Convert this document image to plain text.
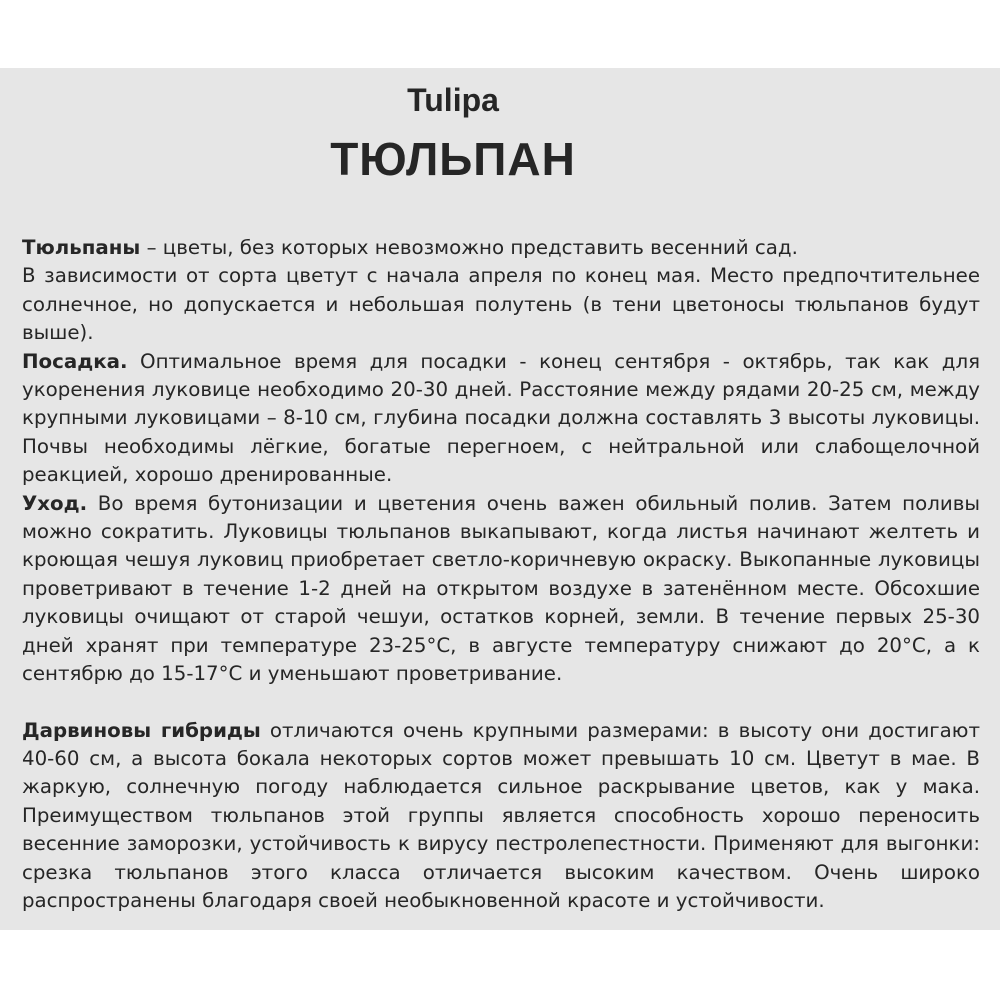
Tulipa
ТЮЛЬПАН

Тюльпаны – цветы, без которых невозможно представить весенний сад.

В зависимости от сорта цветут с начала апреля по конец мая. Место предпочтительнее солнечное, но допускается и небольшая полутень (в тени цветоносы тюльпанов будут выше).

Посадка. Оптимальное время для посадки - конец сентября - октябрь, так как для укоренения луковице необходимо 20-30 дней. Расстояние между рядами 20-25 см, между крупными луковицами – 8-10 см, глубина посадки должна составлять 3 высоты луковицы. Почвы необходимы лёгкие, богатые перегноем, с нейтральной или слабощелочной реакцией, хорошо дренированные.

Уход. Во время бутонизации и цветения очень важен обильный полив. Затем поливы можно сократить. Луковицы тюльпанов выкапывают, когда листья начинают желтеть и кроющая чешуя луковиц приобретает светло-коричневую окраску. Выкопанные луковицы проветривают в течение 1-2 дней на открытом воздухе в затенённом месте. Обсохшие луковицы очищают от старой чешуи, остатков корней, земли. В течение первых 25-30 дней хранят при температуре 23-25°С, в августе температуру снижают до 20°С, а к сентябрю до 15-17°С и уменьшают проветривание.

Дарвиновы гибриды отличаются очень крупными размерами: в высоту они достигают 40-60 см, а высота бокала некоторых сортов может превышать 10 см. Цветут в мае. В жаркую, солнечную погоду наблюдается сильное раскрывание цветов, как у мака. Преимуществом тюльпанов этой группы является способность хорошо переносить весенние заморозки, устойчивость к вирусу пестролепестности. Применяют для выгонки: срезка тюльпанов этого класса отличается высоким качеством. Очень широко распространены благодаря своей необыкновенной красоте и устойчивости.
